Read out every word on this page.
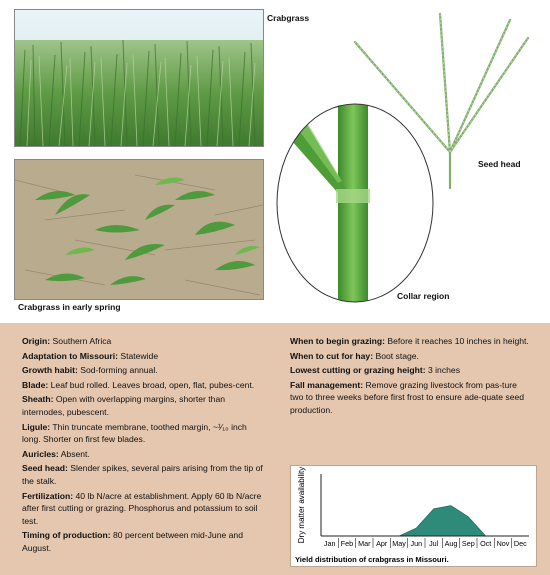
Crabgrass
Crabgrass in early spring
Collar region
Seed head

Origin: Southern Africa

Adaptation to Missouri: Statewide

Growth habit: Sod-forming annual.

Blade: Leaf bud rolled. Leaves broad, open, flat, pubes-cent.

Sheath: Open with overlapping margins, shorter than internodes, pubescent.

Ligule: Thin truncate membrane, toothed margin, ~¹⁄₁₀ inch long. Shorter on first few blades.

Auricles: Absent.

Seed head: Slender spikes, several pairs arising from the tip of the stalk.

Fertilization: 40 lb N/acre at establishment. Apply 60 lb N/acre after first cutting or grazing. Phosphorus and potassium to soil test.

Timing of production: 80 percent between mid-June and August.

When to begin grazing: Before it reaches 10 inches in height.

When to cut for hay: Boot stage.

Lowest cutting or grazing height: 3 inches

Fall management: Remove grazing livestock from pas-ture two to three weeks before first frost to ensure ade-quate seed production.

Dry matter availability
Jan Feb Mar Apr May Jun Jul Aug Sep Oct Nov Dec
Yield distribution of crabgrass in Missouri.
